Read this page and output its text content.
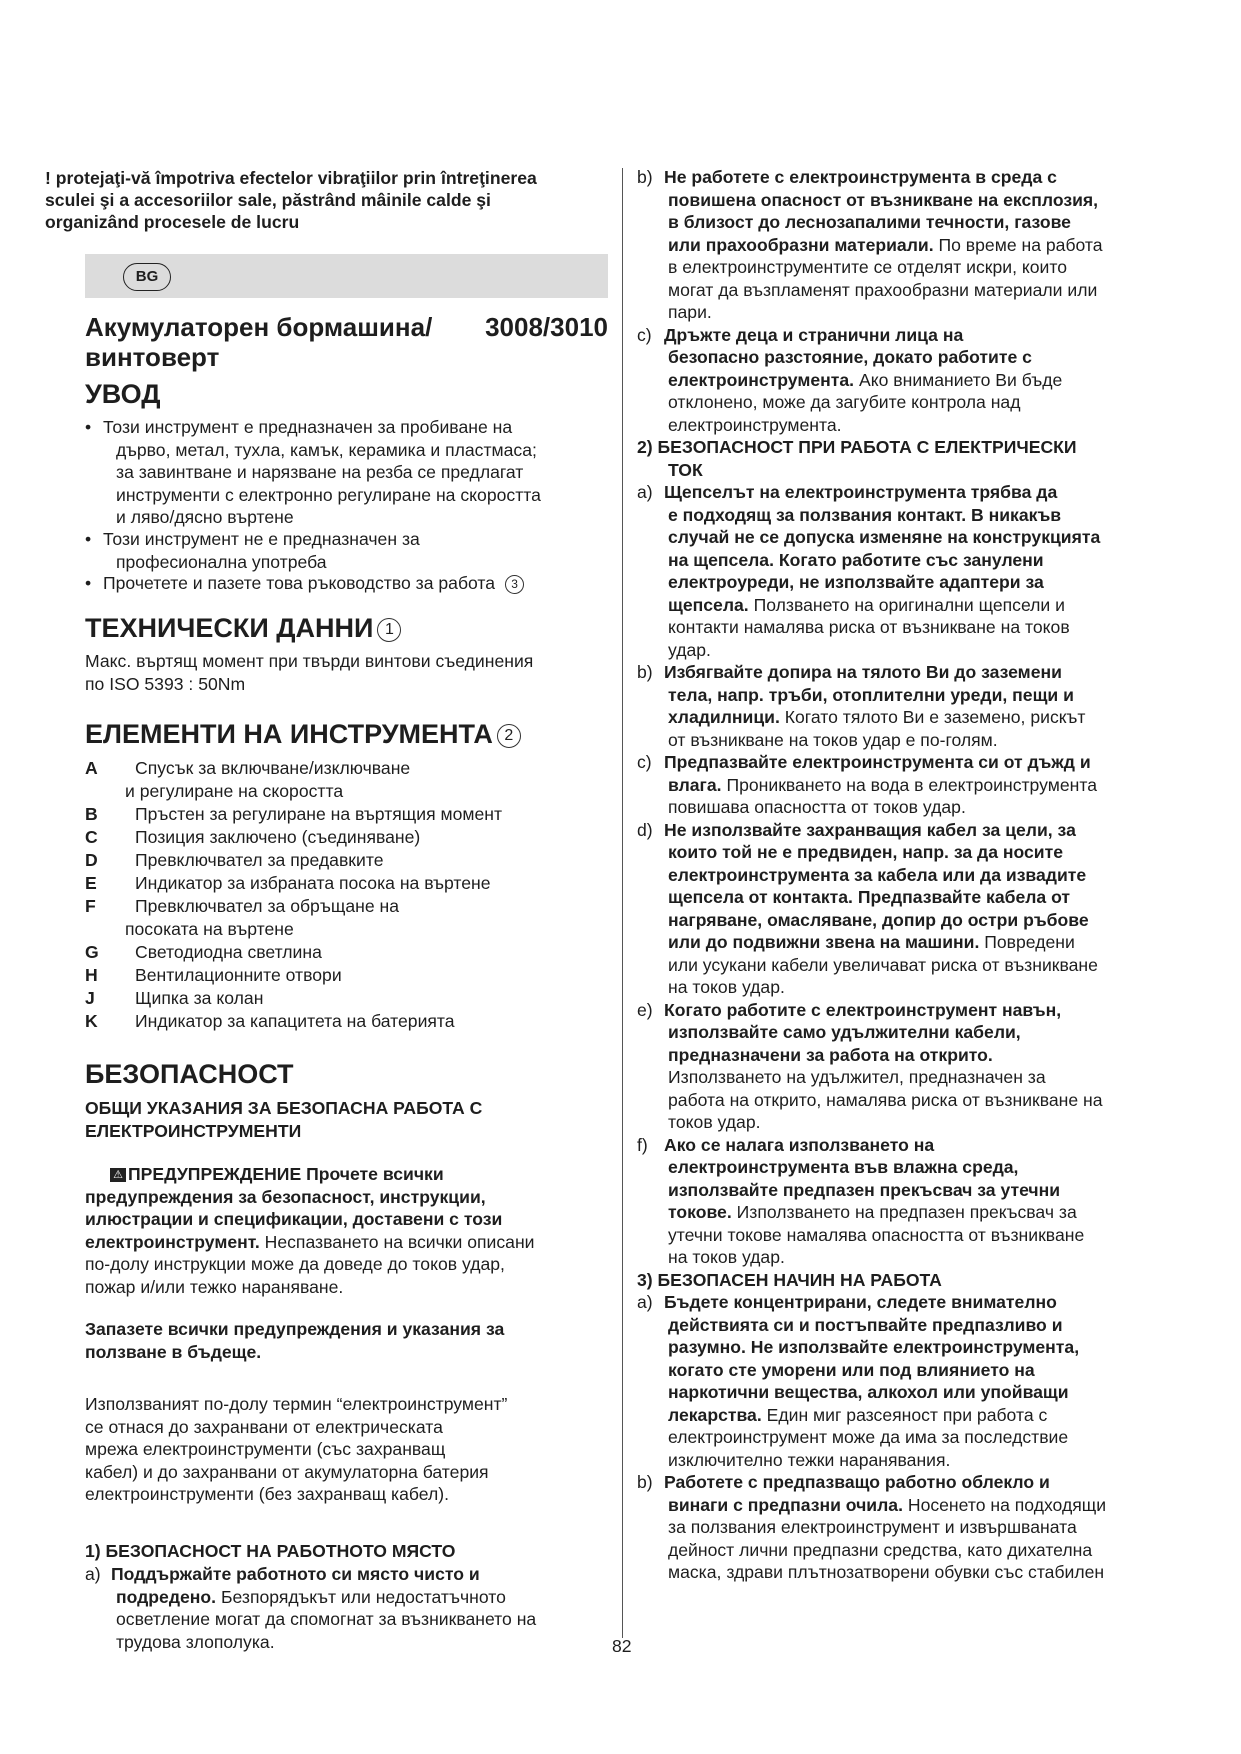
! protejaţi-vă împotriva efectelor vibraţiilor prin întreţinerea sculei şi a accesoriilor sale, păstrând mâinile calde şi organizând procesele de lucru
BG
Акумулаторен бормашина/ 3008/3010
винтоверт
УВОД
• Този инструмент е предназначен за пробиване на
дърво, метал, тухла, камък, керамика и пластмаса;
за завинтване и нарязване на резба се предлагат
инструменти с електронно регулиране на скоростта
и ляво/дясно въртене
• Този инструмент не е предназначен за
професионална употреба
• Прочетете и пазете това ръководство за работа 3
ТЕХНИЧЕСКИ ДАННИ 1
Макс. въртящ момент при твърди винтови съединения
по ISO 5393 : 50Nm
ЕЛЕМЕНТИ НА ИНСТРУМЕНТА 2
A	Спусък за включване/изключване
и регулиране на скоростта
B	Пръстен за регулиране на въртящия момент
C	Позиция заключено (съединяване)
D	Превключвател за предавките
E	Индикатор за избраната посока на въртене
F	Превключвател за обръщане на
посоката на въртене
G	Светодиодна светлина
H	Вентилационните отвори
J	Щипка за колан
K	Индикатор за капацитета на батерията
БЕЗОПАСНОСТ
ОБЩИ УКАЗАНИЯ ЗА БЕЗОПАСНА РАБОТА С
ЕЛЕКТРОИНСТРУМЕНТИ
⚠ ПРЕДУПРЕЖДЕНИЕ Прочете всички
предупреждения за безопасност, инструкции,
илюстрации и спецификации, доставени с този
електроинструмент. Неспазването на всички описани
по-долу инструкции може да доведе до токов удар,
пожар и/или тежко нараняване.
Запазете всички предупреждения и указания за
ползване в бъдеще.
Използваният по-долу термин “електроинструмент”
се отнася до захранвани от електрическата
мрежа електроинструменти (със захранващ
кабел) и до захранвани от акумулаторна батерия
електроинструменти (без захранващ кабел).
1) БЕЗОПАСНОСТ НА РАБОТНОТО МЯСТО
a) Поддържайте работното си място чисто и
подредено. Безпорядъкът или недостатъчното
осветление могат да спомогнат за възникването на
трудова злополука.
b) Не работете с електроинструмента в среда с
повишена опасност от възникване на експлозия,
в близост до леснозапалими течности, газове
или прахообразни материали. По време на работа
в електроинструментите се отделят искри, които
могат да възпламенят прахообразни материали или
пари.
c) Дръжте деца и странични лица на
безопасно разстояние, докато работите с
електроинструмента. Ако вниманието Ви бъде
отклонено, може да загубите контрола над
електроинструмента.
2) БЕЗОПАСНОСТ ПРИ РАБОТА С ЕЛЕКТРИЧЕСКИ
ТОК
a) Щепселът на електроинструмента трябва да
е подходящ за ползвания контакт. В никакъв
случай не се допуска изменяне на конструкцията
на щепсела. Когато работите със занулени
електроуреди, не използвайте адаптери за
щепсела. Ползването на оригинални щепсели и
контакти намалява риска от възникване на токов
удар.
b) Избягвайте допира на тялото Ви до заземени
тела, напр. тръби, отоплителни уреди, пещи и
хладилници. Когато тялото Ви е заземено, рискът
от възникване на токов удар е по-голям.
c) Предпазвайте електроинструмента си от дъжд и
влага. Проникването на вода в електроинструмента
повишава опасността от токов удар.
d) Не използвайте захранващия кабел за цели, за
които той не е предвиден, напр. за да носите
електроинструмента за кабела или да извадите
щепсела от контакта. Предпазвайте кабела от
нагряване, омасляване, допир до остри ръбове
или до подвижни звена на машини. Повредени
или усукани кабели увеличават риска от възникване
на токов удар.
e) Когато работите с електроинструмент навън,
използвайте само удължителни кабели,
предназначени за работа на открито.
Използването на удължител, предназначен за
работа на открито, намалява риска от възникване на
токов удар.
f) Ако се налага използването на
електроинструмента във влажна среда,
използвайте предпазен прекъсвач за утечни
токове. Използването на предпазен прекъсвач за
утечни токове намалява опасността от възникване
на токов удар.
3) БЕЗОПАСЕН НАЧИН НА РАБОТА
a) Бъдете концентрирани, следете внимателно
действията си и постъпвайте предпазливо и
разумно. Не използвайте електроинструмента,
когато сте уморени или под влиянието на
наркотични вещества, алкохол или упойващи
лекарства. Един миг разсеяност при работа с
електроинструмент може да има за последствие
изключително тежки наранявания.
b) Работете с предпазващо работно облекло и
винаги с предпазни очила. Носенето на подходящи
за ползвания електроинструмент и извършваната
дейност лични предпазни средства, като дихателна
маска, здрави плътнозатворени обувки със стабилен
82
